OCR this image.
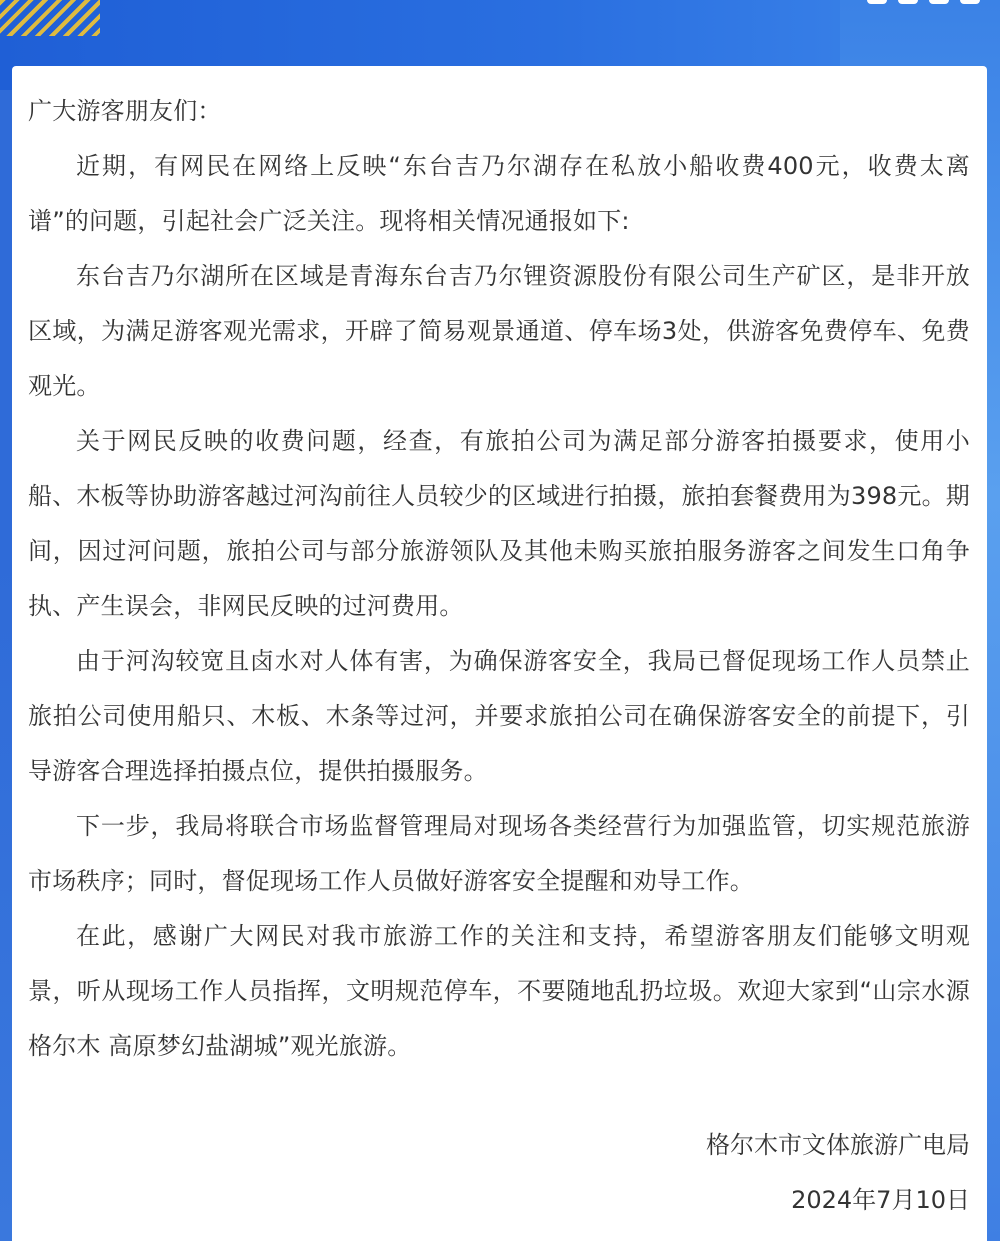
广大游客朋友们：

近期，有网民在网络上反映“东台吉乃尔湖存在私放小船收费400元，收费太离谱”的问题，引起社会广泛关注。现将相关情况通报如下:

东台吉乃尔湖所在区域是青海东台吉乃尔锂资源股份有限公司生产矿区，是非开放区域，为满足游客观光需求，开辟了简易观景通道、停车场3处，供游客免费停车、免费观光。

关于网民反映的收费问题，经查，有旅拍公司为满足部分游客拍摄要求，使用小船、木板等协助游客越过河沟前往人员较少的区域进行拍摄，旅拍套餐费用为398元。期间，因过河问题，旅拍公司与部分旅游领队及其他未购买旅拍服务游客之间发生口角争执、产生误会，非网民反映的过河费用。

由于河沟较宽且卤水对人体有害，为确保游客安全，我局已督促现场工作人员禁止旅拍公司使用船只、木板、木条等过河，并要求旅拍公司在确保游客安全的前提下，引导游客合理选择拍摄点位，提供拍摄服务。

下一步，我局将联合市场监督管理局对现场各类经营行为加强监管，切实规范旅游市场秩序；同时，督促现场工作人员做好游客安全提醒和劝导工作。

在此，感谢广大网民对我市旅游工作的关注和支持，希望游客朋友们能够文明观景，听从现场工作人员指挥，文明规范停车，不要随地乱扔垃圾。欢迎大家到“山宗水源格尔木 高原梦幻盐湖城”观光旅游。

格尔木市文体旅游广电局
2024年7月10日
